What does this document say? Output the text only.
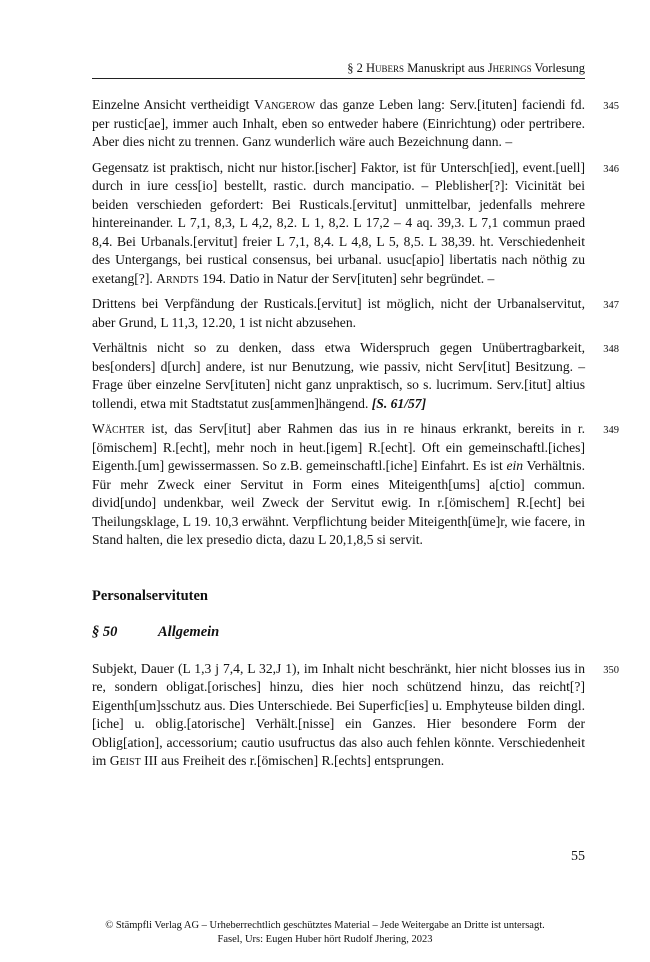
§ 2 Hubers Manuskript aus Jherings Vorlesung
Einzelne Ansicht vertheidigt Vangerow das ganze Leben lang: Serv.[ituten] faciendi fd. per rustic[ae], immer auch Inhalt, eben so entweder habere (Einrichtung) oder pertribere. Aber dies nicht zu trennen. Ganz wunderlich wäre auch Bezeichnung dann. –
345
Gegensatz ist praktisch, nicht nur histor.[ischer] Faktor, ist für Untersch[ied], event.[uell] durch in iure cess[io] bestellt, rastic. durch mancipatio. – Pleblisher[?]: Vicinität bei beiden verschieden gefordert: Bei Rusticals.[ervitut] unmittelbar, jedenfalls mehrere hintereinander. L 7,1, 8,3, L 4,2, 8,2. L 1, 8,2. L 17,2 – 4 aq. 39,3. L 7,1 commun praed 8,4. Bei Urbanals.[ervitut] freier L 7,1, 8,4. L 4,8, L 5, 8,5. L 38,39. ht. Verschiedenheit des Untergangs, bei rustical consensus, bei urbanal. usuc[apio] libertatis nach nöthig zu exetang[?]. Arndts 194. Datio in Natur der Serv[ituten] sehr begründet. –
346
Drittens bei Verpfändung der Rusticals.[ervitut] ist möglich, nicht der Urbanalservitut, aber Grund, L 11,3, 12.20, 1 ist nicht abzusehen.
347
Verhältnis nicht so zu denken, dass etwa Widerspruch gegen Unübertragbarkeit, bes[onders] d[urch] andere, ist nur Benutzung, wie passiv, nicht Serv[itut] Besitzung. – Frage über einzelne Serv[ituten] nicht ganz unpraktisch, so s. lucrimum. Serv.[itut] altius tollendi, etwa mit Stadtstatut zus[ammen]hängend. [S. 61/57]
348
Wächter ist, das Serv[itut] aber Rahmen das ius in re hinaus erkrankt, bereits in r.[ömischem] R.[echt], mehr noch in heut.[igem] R.[echt]. Oft ein gemeinschaftl.[iches] Eigenth.[um] gewissermassen. So z.B. gemeinschaftl.[iche] Einfahrt. Es ist ein Verhältnis. Für mehr Zweck einer Servitut in Form eines Miteigenth[ums] a[ctio] commun. divid[undo] undenkbar, weil Zweck der Servitut ewig. In r.[ömischem] R.[echt] bei Theilungsklage, L 19. 10,3 erwähnt. Verpflichtung beider Miteigenth[üme]r, wie facere, in Stand halten, die lex presedio dicta, dazu L 20,1,8,5 si servit.
349
Personalservituten
§ 50	Allgemein
Subjekt, Dauer (L 1,3 j 7,4, L 32,J 1), im Inhalt nicht beschränkt, hier nicht blosses ius in re, sondern obligat.[orisches] hinzu, dies hier noch schützend hinzu, das reicht[?] Eigenth[um]sschutz aus. Dies Unterschiede. Bei Superfic[ies] u. Emphyteuse bilden dingl.[iche] u. oblig.[atorische] Verhält.[nisse] ein Ganzes. Hier besondere Form der Oblig[ation], accessorium; cautio usufructus das also auch fehlen könnte. Verschiedenheit im Geist III aus Freiheit des r.[ömischen] R.[echts] entsprungen.
350
55
© Stämpfli Verlag AG – Urheberrechtlich geschütztes Material – Jede Weitergabe an Dritte ist untersagt.
Fasel, Urs: Eugen Huber hört Rudolf Jhering, 2023
